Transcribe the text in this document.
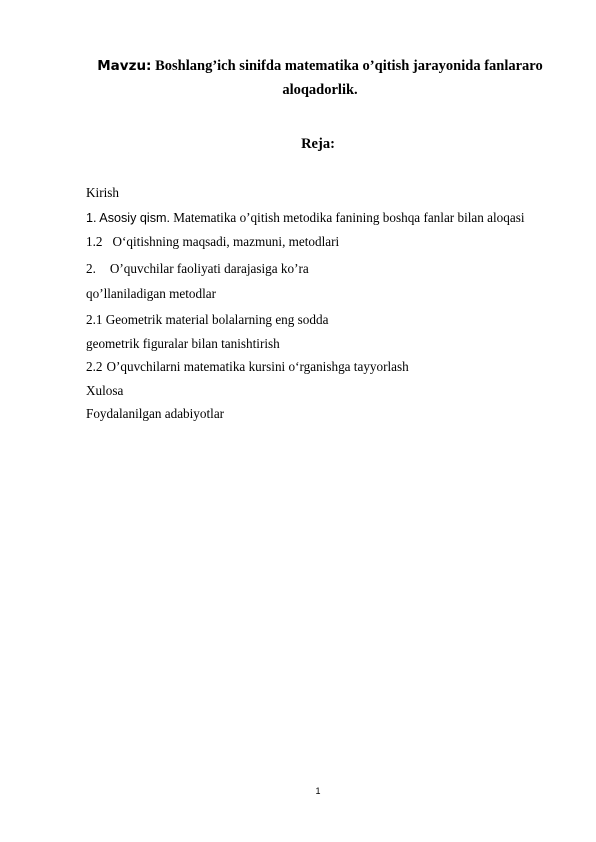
Mavzu: Boshlang’ich sinifda matematika o’qitish jarayonida fanlararo
aloqadorlik.
Reja:
Kirish
1. Asosiy qism. Matematika o’qitish metodika fanining boshqa fanlar bilan aloqasi
1.2 O‘qitishning maqsadi, mazmuni, metodlari
2. O’quvchilar faoliyati darajasiga ko’ra
qo’llaniladigan metodlar
2.1 Geometrik material bolalarning eng sodda
geometrik figuralar bilan tanishtirish
2.2 O’quvchilarni matematika kursini o‘rganishga tayyorlash
Xulosa
Foydalanilgan adabiyotlar
1
